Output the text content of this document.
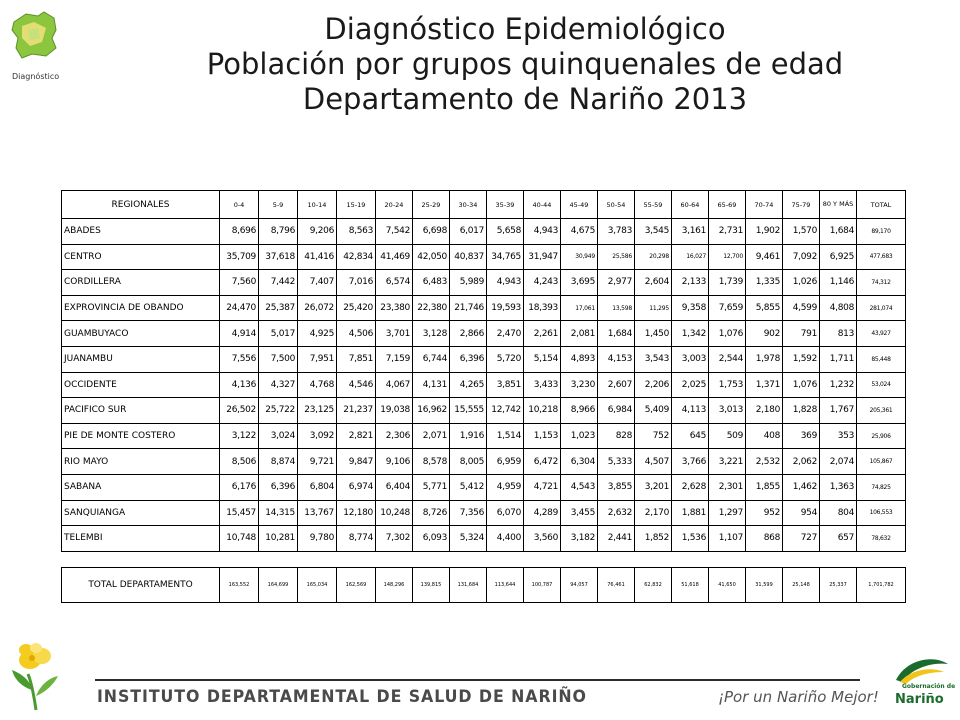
Diagnóstico
Diagnóstico Epidemiológico
Población por grupos quinquenales de edad
Departamento de Nariño 2013
REGIONALES	0-4	5-9	10-14	15-19	20-24	25-29	30-34	35-39	40-44	45-49	50-54	55-59	60-64	65-69	70-74	75-79	80 Y MÁS	TOTAL
ABADES	8,696	8,796	9,206	8,563	7,542	6,698	6,017	5,658	4,943	4,675	3,783	3,545	3,161	2,731	1,902	1,570	1,684	89,170
CENTRO	35,709	37,618	41,416	42,834	41,469	42,050	40,837	34,765	31,947	30,949	25,586	20,298	16,027	12,700	9,461	7,092	6,925	477,683
CORDILLERA	7,560	7,442	7,407	7,016	6,574	6,483	5,989	4,943	4,243	3,695	2,977	2,604	2,133	1,739	1,335	1,026	1,146	74,312
EXPROVINCIA DE OBANDO	24,470	25,387	26,072	25,420	23,380	22,380	21,746	19,593	18,393	17,061	13,598	11,295	9,358	7,659	5,855	4,599	4,808	281,074
GUAMBUYACO	4,914	5,017	4,925	4,506	3,701	3,128	2,866	2,470	2,261	2,081	1,684	1,450	1,342	1,076	902	791	813	43,927
JUANAMBU	7,556	7,500	7,951	7,851	7,159	6,744	6,396	5,720	5,154	4,893	4,153	3,543	3,003	2,544	1,978	1,592	1,711	85,448
OCCIDENTE	4,136	4,327	4,768	4,546	4,067	4,131	4,265	3,851	3,433	3,230	2,607	2,206	2,025	1,753	1,371	1,076	1,232	53,024
PACIFICO SUR	26,502	25,722	23,125	21,237	19,038	16,962	15,555	12,742	10,218	8,966	6,984	5,409	4,113	3,013	2,180	1,828	1,767	205,361
PIE DE MONTE COSTERO	3,122	3,024	3,092	2,821	2,306	2,071	1,916	1,514	1,153	1,023	828	752	645	509	408	369	353	25,906
RIO MAYO	8,506	8,874	9,721	9,847	9,106	8,578	8,005	6,959	6,472	6,304	5,333	4,507	3,766	3,221	2,532	2,062	2,074	105,867
SABANA	6,176	6,396	6,804	6,974	6,404	5,771	5,412	4,959	4,721	4,543	3,855	3,201	2,628	2,301	1,855	1,462	1,363	74,825
SANQUIANGA	15,457	14,315	13,767	12,180	10,248	8,726	7,356	6,070	4,289	3,455	2,632	2,170	1,881	1,297	952	954	804	106,553
TELEMBI	10,748	10,281	9,780	8,774	7,302	6,093	5,324	4,400	3,560	3,182	2,441	1,852	1,536	1,107	868	727	657	78,632
TOTAL DEPARTAMENTO	163,552	164,699	165,034	162,569	148,296	139,815	131,684	113,644	100,787	94,057	76,461	62,832	51,618	41,650	31,599	25,148	25,337	1,701,782
INSTITUTO DEPARTAMENTAL DE SALUD DE NARIÑO	¡Por un Nariño Mejor!
Gobernación de
Nariño
